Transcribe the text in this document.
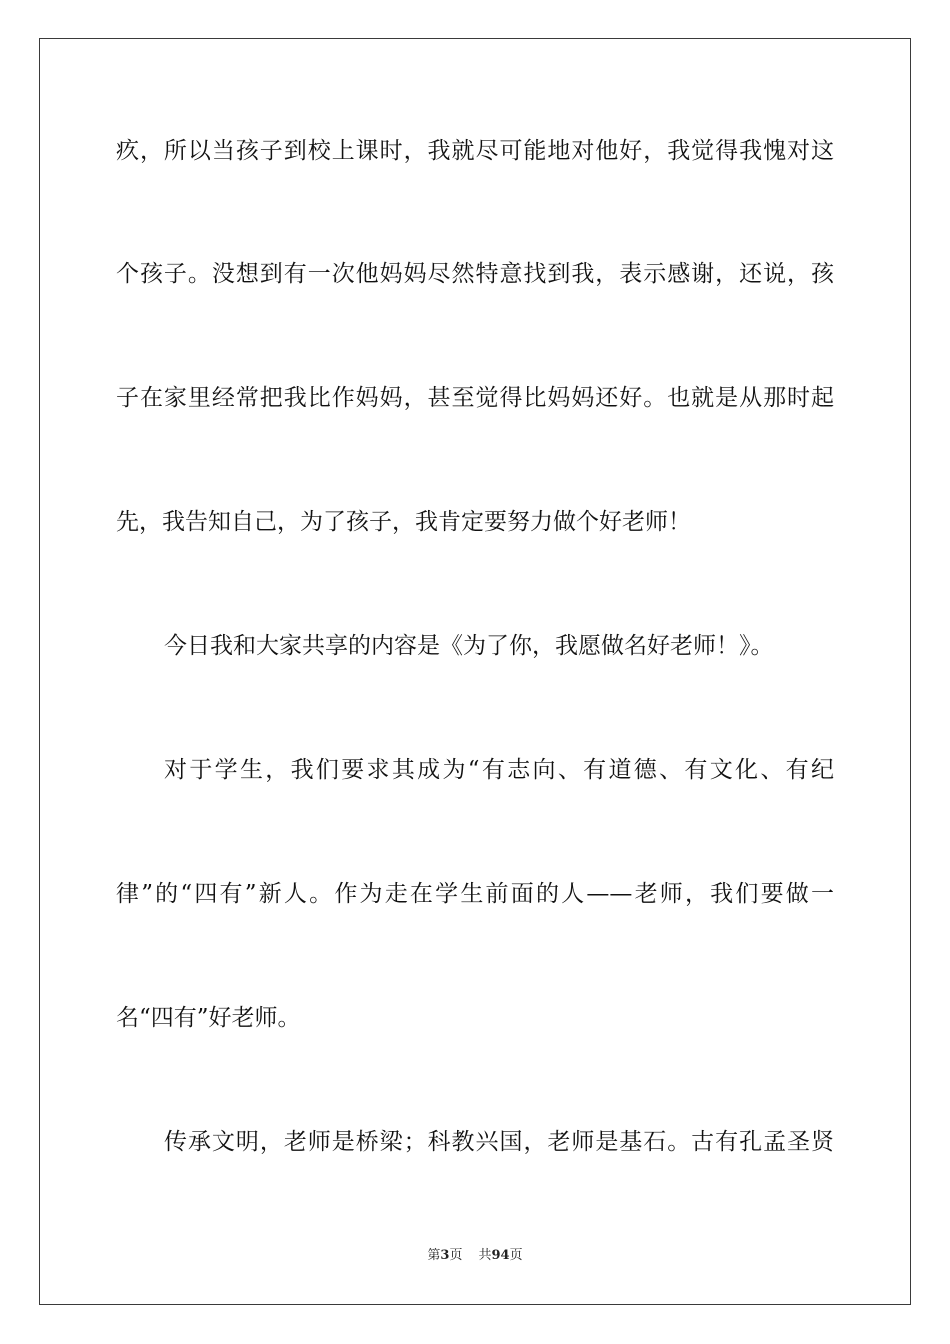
疚，所以当孩子到校上课时，我就尽可能地对他好，我觉得我愧对这
个孩子。没想到有一次他妈妈尽然特意找到我，表示感谢，还说，孩
子在家里经常把我比作妈妈，甚至觉得比妈妈还好。也就是从那时起
先，我告知自己，为了孩子，我肯定要努力做个好老师！
今日我和大家共享的内容是《为了你，我愿做名好老师！》。
对于学生，我们要求其成为“有志向、有道德、有文化、有纪
律”的“四有”新人。作为走在学生前面的人——老师，我们要做一
名“四有”好老师。
传承文明，老师是桥梁；科教兴国，老师是基石。古有孔孟圣贤
第3页 共94页
